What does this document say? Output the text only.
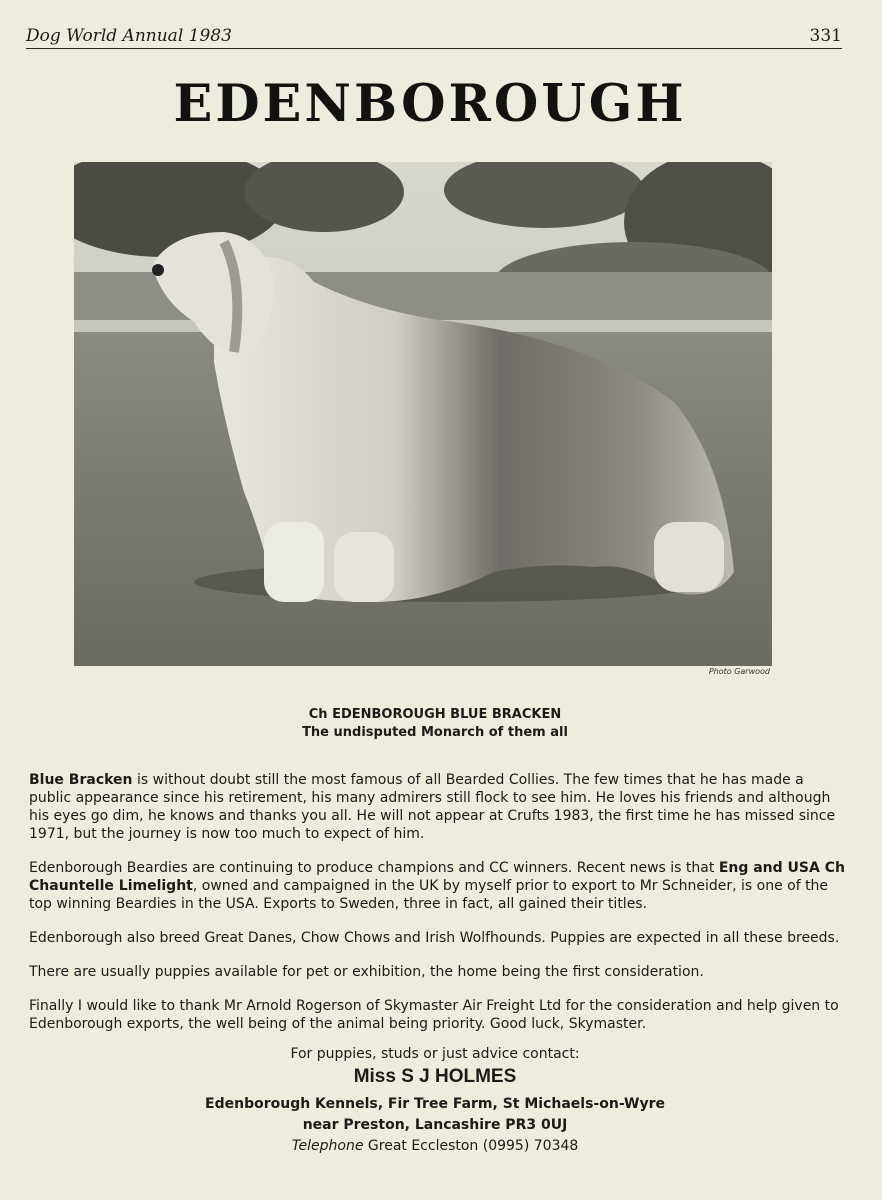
Dog World Annual 1983	331
EDENBOROUGH
Photo Garwood
Ch EDENBOROUGH BLUE BRACKEN
The undisputed Monarch of them all

Blue Bracken is without doubt still the most famous of all Bearded Collies. The few times that he has made a public appearance since his retirement, his many admirers still flock to see him. He loves his friends and although his eyes go dim, he knows and thanks you all. He will not appear at Crufts 1983, the first time he has missed since 1971, but the journey is now too much to expect of him.

Edenborough Beardies are continuing to produce champions and CC winners. Recent news is that Eng and USA Ch Chauntelle Limelight, owned and campaigned in the UK by myself prior to export to Mr Schneider, is one of the top winning Beardies in the USA. Exports to Sweden, three in fact, all gained their titles.

Edenborough also breed Great Danes, Chow Chows and Irish Wolfhounds. Puppies are expected in all these breeds.

There are usually puppies available for pet or exhibition, the home being the first consideration.

Finally I would like to thank Mr Arnold Rogerson of Skymaster Air Freight Ltd for the consideration and help given to Edenborough exports, the well being of the animal being priority. Good luck, Skymaster.

For puppies, studs or just advice contact:
Miss S J HOLMES
Edenborough Kennels, Fir Tree Farm, St Michaels-on-Wyre
near Preston, Lancashire PR3 0UJ
Telephone Great Eccleston (0995) 70348
